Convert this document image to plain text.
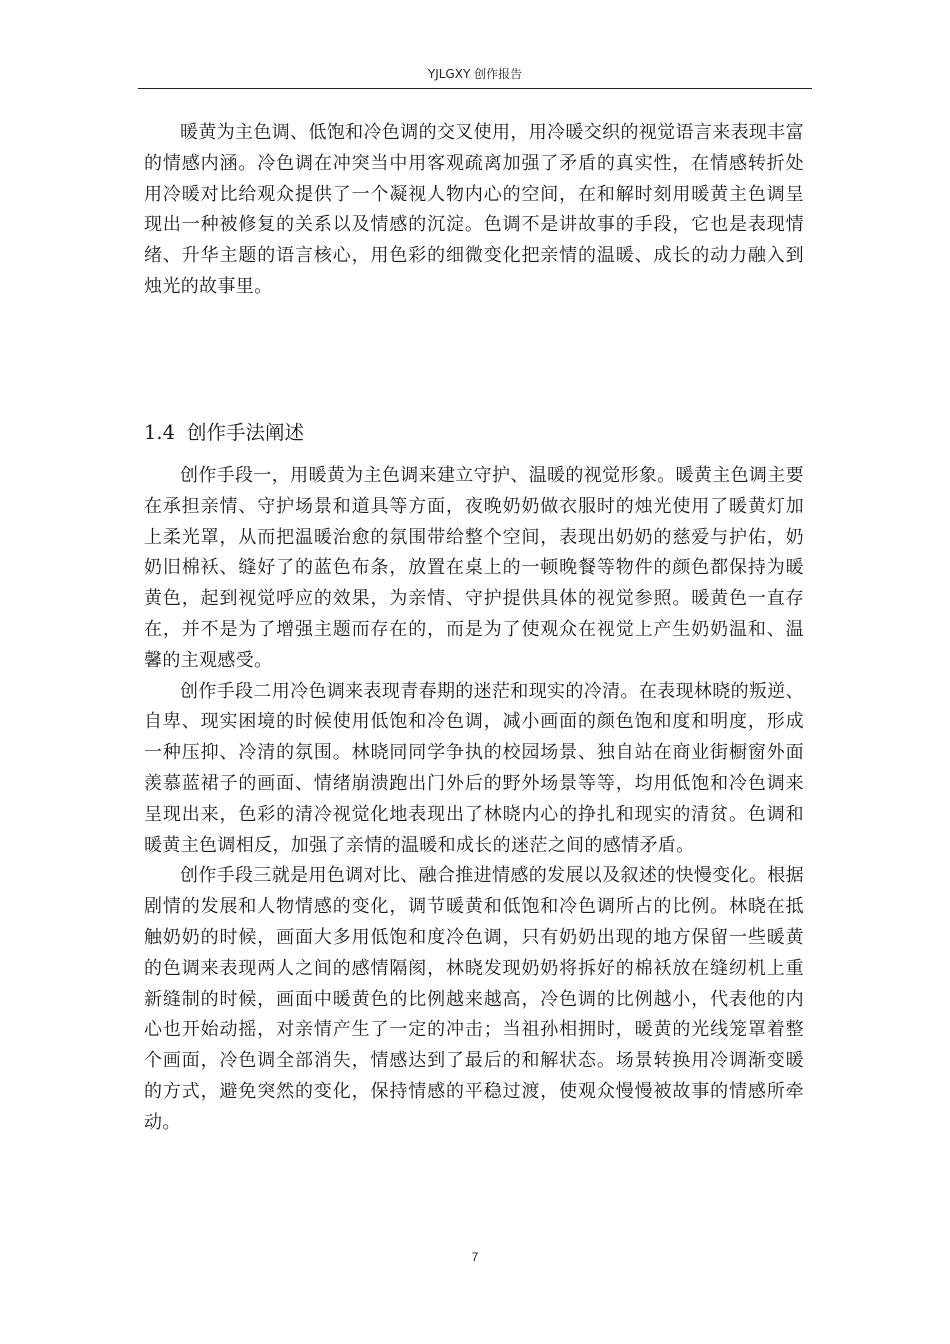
YJLGXY 创作报告

暖黄为主色调、低饱和冷色调的交叉使用，用冷暖交织的视觉语言来表现丰富的情感内涵。冷色调在冲突当中用客观疏离加强了矛盾的真实性，在情感转折处用冷暖对比给观众提供了一个凝视人物内心的空间，在和解时刻用暖黄主色调呈现出一种被修复的关系以及情感的沉淀。色调不是讲故事的手段，它也是表现情绪、升华主题的语言核心，用色彩的细微变化把亲情的温暖、成长的动力融入到烛光的故事里。

1.4 创作手法阐述

创作手段一，用暖黄为主色调来建立守护、温暖的视觉形象。暖黄主色调主要在承担亲情、守护场景和道具等方面，夜晚奶奶做衣服时的烛光使用了暖黄灯加上柔光罩，从而把温暖治愈的氛围带给整个空间，表现出奶奶的慈爱与护佑，奶奶旧棉袄、缝好了的蓝色布条，放置在桌上的一顿晚餐等物件的颜色都保持为暖黄色，起到视觉呼应的效果，为亲情、守护提供具体的视觉参照。暖黄色一直存在，并不是为了增强主题而存在的，而是为了使观众在视觉上产生奶奶温和、温馨的主观感受。

创作手段二用冷色调来表现青春期的迷茫和现实的冷清。在表现林晓的叛逆、自卑、现实困境的时候使用低饱和冷色调，减小画面的颜色饱和度和明度，形成一种压抑、冷清的氛围。林晓同同学争执的校园场景、独自站在商业街橱窗外面羡慕蓝裙子的画面、情绪崩溃跑出门外后的野外场景等等，均用低饱和冷色调来呈现出来，色彩的清冷视觉化地表现出了林晓内心的挣扎和现实的清贫。色调和暖黄主色调相反，加强了亲情的温暖和成长的迷茫之间的感情矛盾。

创作手段三就是用色调对比、融合推进情感的发展以及叙述的快慢变化。根据剧情的发展和人物情感的变化，调节暖黄和低饱和冷色调所占的比例。林晓在抵触奶奶的时候，画面大多用低饱和度冷色调，只有奶奶出现的地方保留一些暖黄的色调来表现两人之间的感情隔阂，林晓发现奶奶将拆好的棉袄放在缝纫机上重新缝制的时候，画面中暖黄色的比例越来越高，冷色调的比例越小，代表他的内心也开始动摇，对亲情产生了一定的冲击；当祖孙相拥时，暖黄的光线笼罩着整个画面，冷色调全部消失，情感达到了最后的和解状态。场景转换用冷调渐变暖的方式，避免突然的变化，保持情感的平稳过渡，使观众慢慢被故事的情感所牵动。

7
